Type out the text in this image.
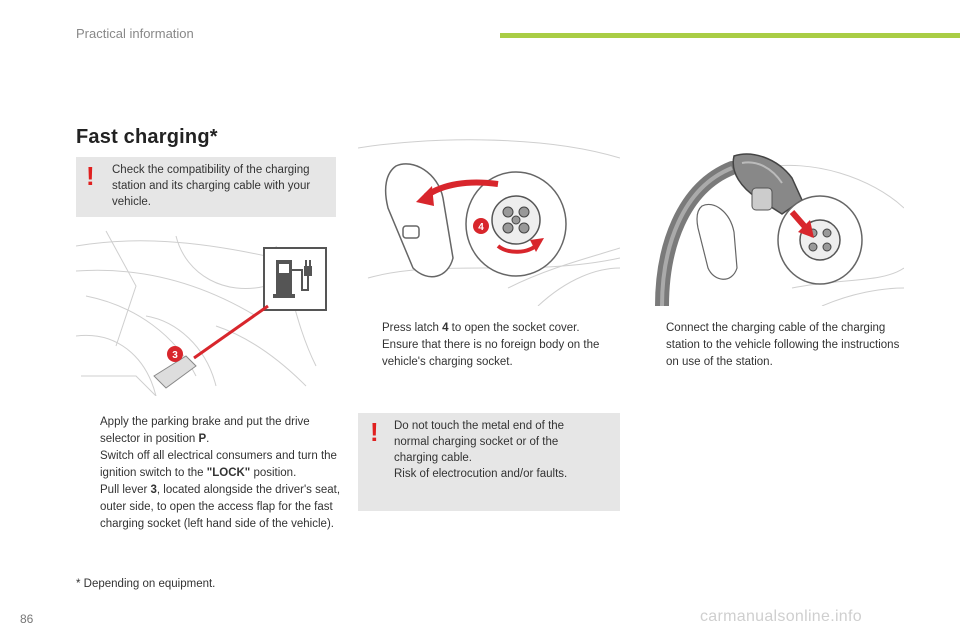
Practical information
Fast charging*
! Check the compatibility of the charging station and its charging cable with your vehicle.
3
4
Apply the parking brake and put the drive selector in position P.
Switch off all electrical consumers and turn the ignition switch to the "LOCK" position.
Pull lever 3, located alongside the driver's seat, outer side, to open the access flap for the fast charging socket (left hand side of the vehicle).
Press latch 4 to open the socket cover.
Ensure that there is no foreign body on the vehicle's charging socket.
Connect the charging cable of the charging station to the vehicle following the instructions on use of the station.
! Do not touch the metal end of the normal charging socket or of the charging cable.
Risk of electrocution and/or faults.
* Depending on equipment.
86	carmanualsonline.info
